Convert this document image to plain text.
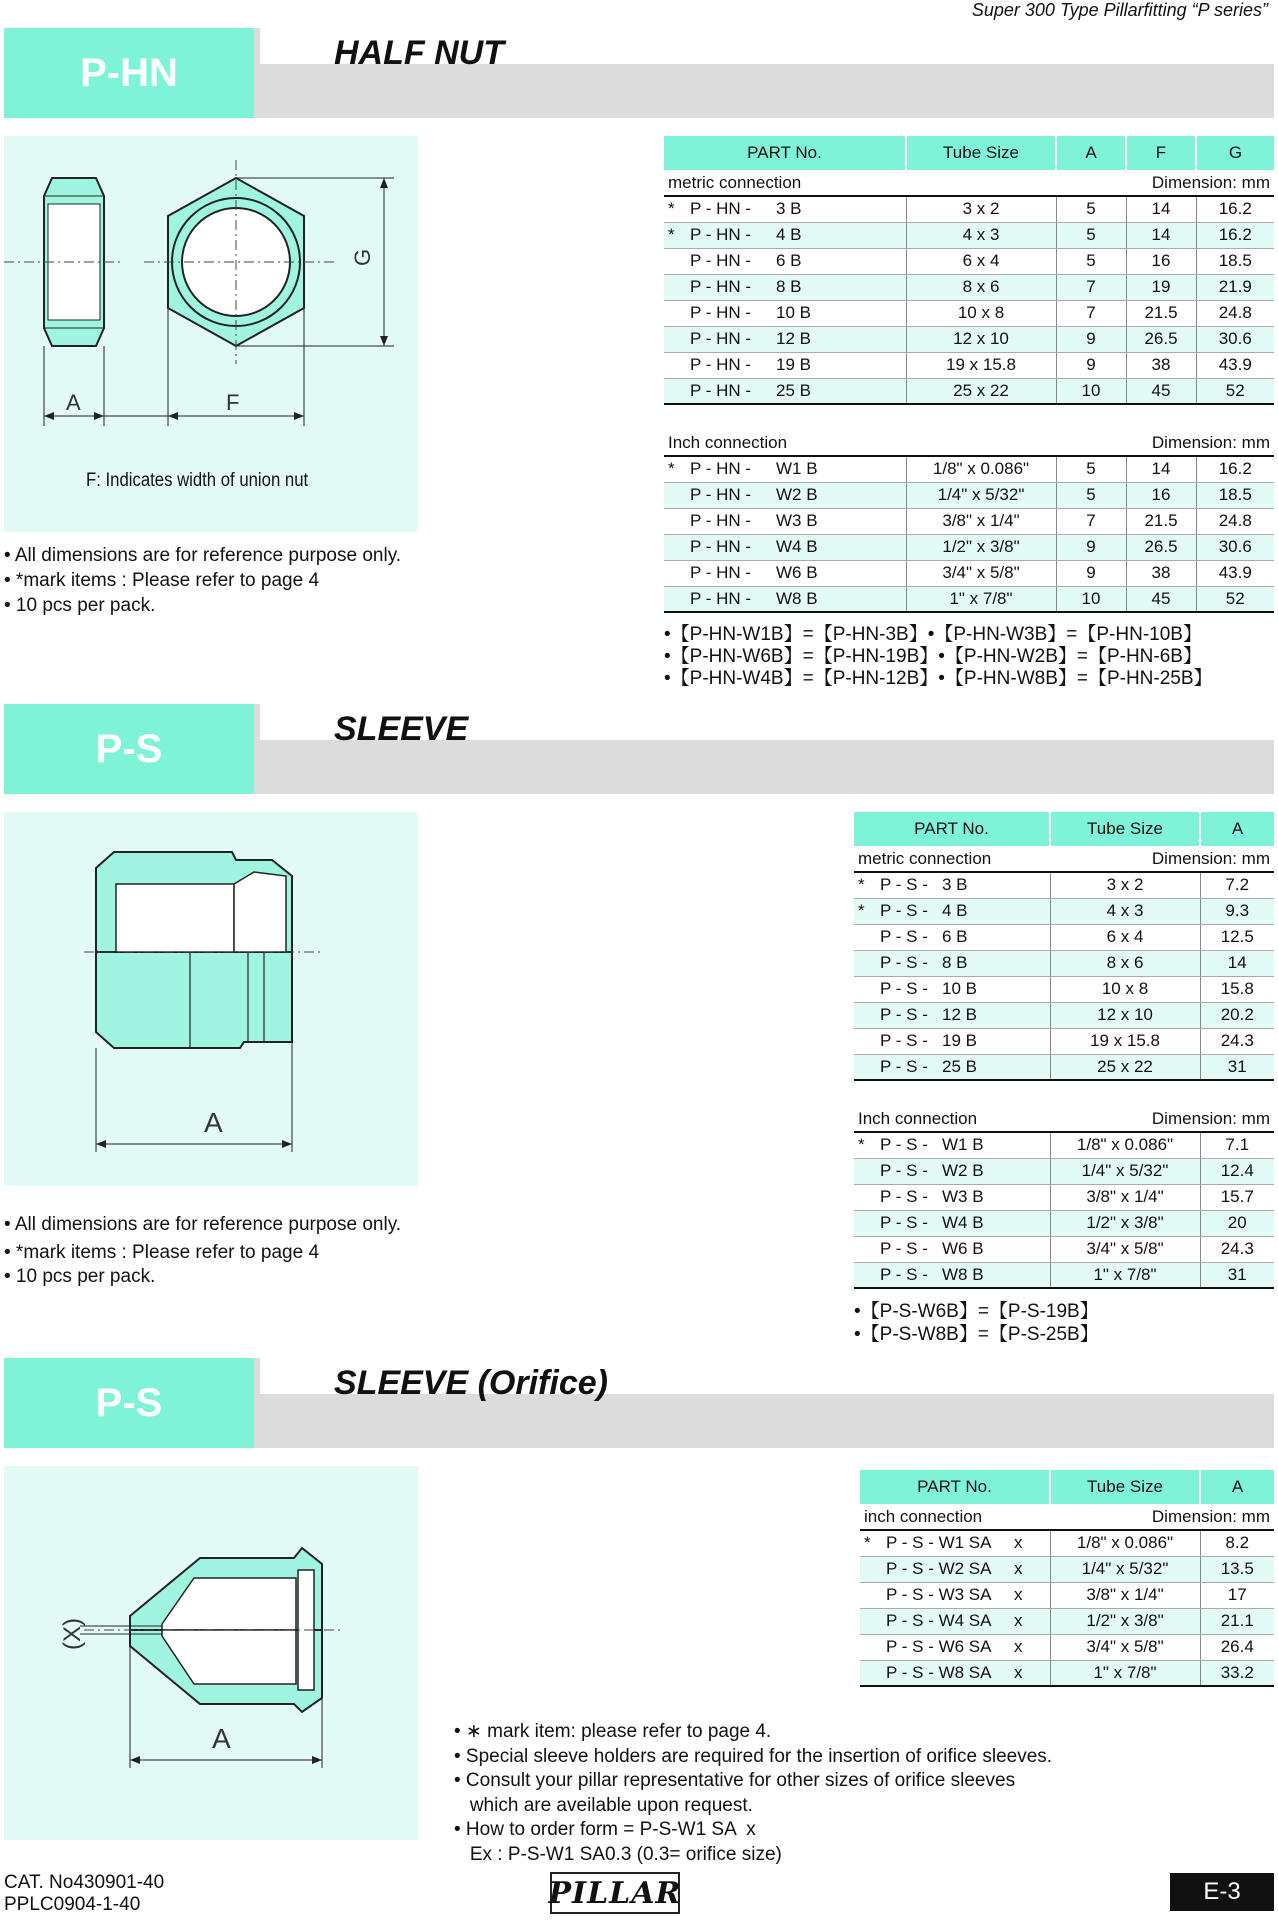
Super 300 Type Pillarfitting “P series”
P-HN	HALF NUT
G
A	F
F: Indicates width of union nut
• All dimensions are for reference purpose only.
• *mark items : Please refer to page 4
• 10 pcs per pack.
PART No.	Tube Size	A	F	G

metric connection Dimension: mm				

* P - HN - 3 B	3 x 2	5	14	16.2
* P - HN - 4 B	4 x 3	5	14	16.2
P - HN - 6 B	6 x 4	5	16	18.5
P - HN - 8 B	8 x 6	7	19	21.9
P - HN - 10 B	10 x 8	7	21.5	24.8
P - HN - 12 B	12 x 10	9	26.5	30.6
P - HN - 19 B	19 x 15.8	9	38	43.9
P - HN - 25 B	25 x 22	10	45	52

Inch connection Dimension: mm				

* P - HN - W1 B	1/8" x 0.086"	5	14	16.2
P - HN - W2 B	1/4" x 5/32"	5	16	18.5
P - HN - W3 B	3/8" x 1/4"	7	21.5	24.8
P - HN - W4 B	1/2" x 3/8"	9	26.5	30.6
P - HN - W6 B	3/4" x 5/8"	9	38	43.9
P - HN - W8 B	1" x 7/8"	10	45	52
•【P-HN-W1B】=【P-HN-3B】•【P-HN-W3B】=【P-HN-10B】
•【P-HN-W6B】=【P-HN-19B】•【P-HN-W2B】=【P-HN-6B】
•【P-HN-W4B】=【P-HN-12B】•【P-HN-W8B】=【P-HN-25B】
P-S	SLEEVE
A
• All dimensions are for reference purpose only.
• *mark items : Please refer to page 4
• 10 pcs per pack.
PART No.	Tube Size	A

metric connection Dimension: mm		

* P - S - 3 B	3 x 2	7.2
* P - S - 4 B	4 x 3	9.3
P - S - 6 B	6 x 4	12.5
P - S - 8 B	8 x 6	14
P - S - 10 B	10 x 8	15.8
P - S - 12 B	12 x 10	20.2
P - S - 19 B	19 x 15.8	24.3
P - S - 25 B	25 x 22	31

Inch connection Dimension: mm		

* P - S - W1 B	1/8" x 0.086"	7.1
P - S - W2 B	1/4" x 5/32"	12.4
P - S - W3 B	3/8" x 1/4"	15.7
P - S - W4 B	1/2" x 3/8"	20
P - S - W6 B	3/4" x 5/8"	24.3
P - S - W8 B	1" x 7/8"	31
•【P-S-W6B】=【P-S-19B】
•【P-S-W8B】=【P-S-25B】
P-S	SLEEVE (Orifice)
(X)
A
PART No.	Tube Size	A

inch connection Dimension: mm		

* P - S - W1 SA x	1/8" x 0.086"	8.2
P - S - W2 SA x	1/4" x 5/32"	13.5
P - S - W3 SA x	3/8" x 1/4"	17
P - S - W4 SA x	1/2" x 3/8"	21.1
P - S - W6 SA x	3/4" x 5/8"	26.4
P - S - W8 SA x	1" x 7/8"	33.2
• ∗ mark item: please refer to page 4.
• Special sleeve holders are required for the insertion of orifice sleeves.
• Consult your pillar representative for other sizes of orifice sleeves
which are aveilable upon request.
• How to order form = P-S-W1 SA  x
Ex : P-S-W1 SA0.3 (0.3= orifice size)
CAT. No430901-40
PPLC0904-1-40	PILLAR	E-3
